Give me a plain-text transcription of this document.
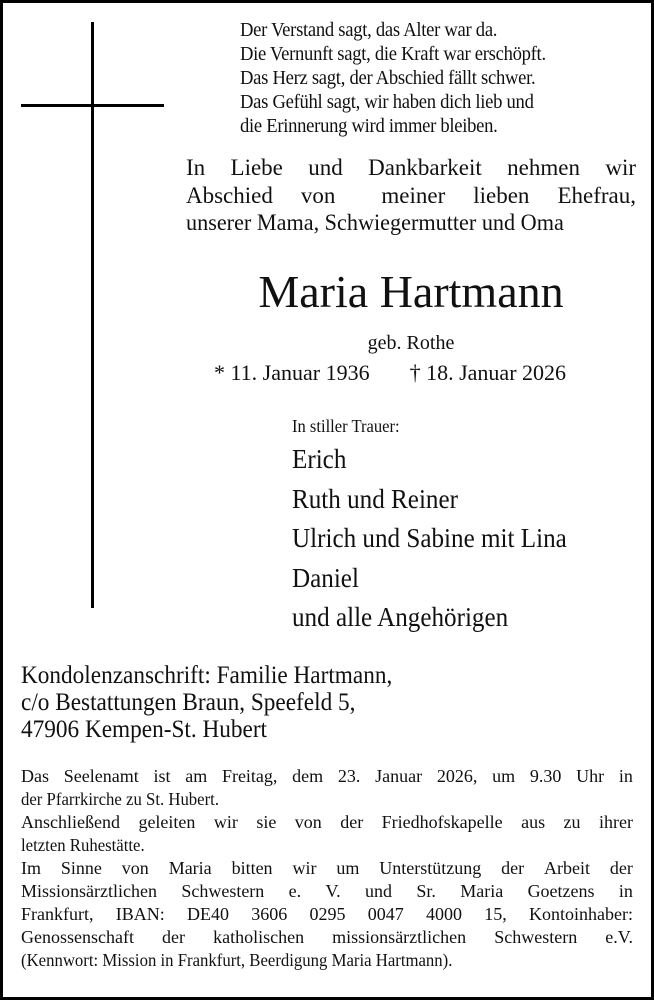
Der Verstand sagt, das Alter war da.
Die Vernunft sagt, die Kraft war erschöpft.
Das Herz sagt, der Abschied fällt schwer.
Das Gefühl sagt, wir haben dich lieb und
die Erinnerung wird immer bleiben.
In Liebe und Dankbarkeit nehmen wir
Abschied von meiner lieben Ehefrau,
unserer Mama, Schwiegermutter und Oma
Maria Hartmann
geb. Rothe
* 11. Januar 1936 † 18. Januar 2026
In stiller Trauer:
Erich
Ruth und Reiner
Ulrich und Sabine mit Lina
Daniel
und alle Angehörigen
Kondolenzanschrift: Familie Hartmann,
c/o Bestattungen Braun, Speefeld 5,
47906 Kempen-St. Hubert
Das Seelenamt ist am Freitag, dem 23. Januar 2026, um 9.30 Uhr in
der Pfarrkirche zu St. Hubert.
Anschließend geleiten wir sie von der Friedhofskapelle aus zu ihrer
letzten Ruhestätte.
Im Sinne von Maria bitten wir um Unterstützung der Arbeit der
Missionsärztlichen Schwestern e. V. und Sr. Maria Goetzens in
Frankfurt, IBAN: DE40 3606 0295 0047 4000 15, Kontoinhaber:
Genossenschaft der katholischen missionsärztlichen Schwestern e.V.
(Kennwort: Mission in Frankfurt, Beerdigung Maria Hartmann).
